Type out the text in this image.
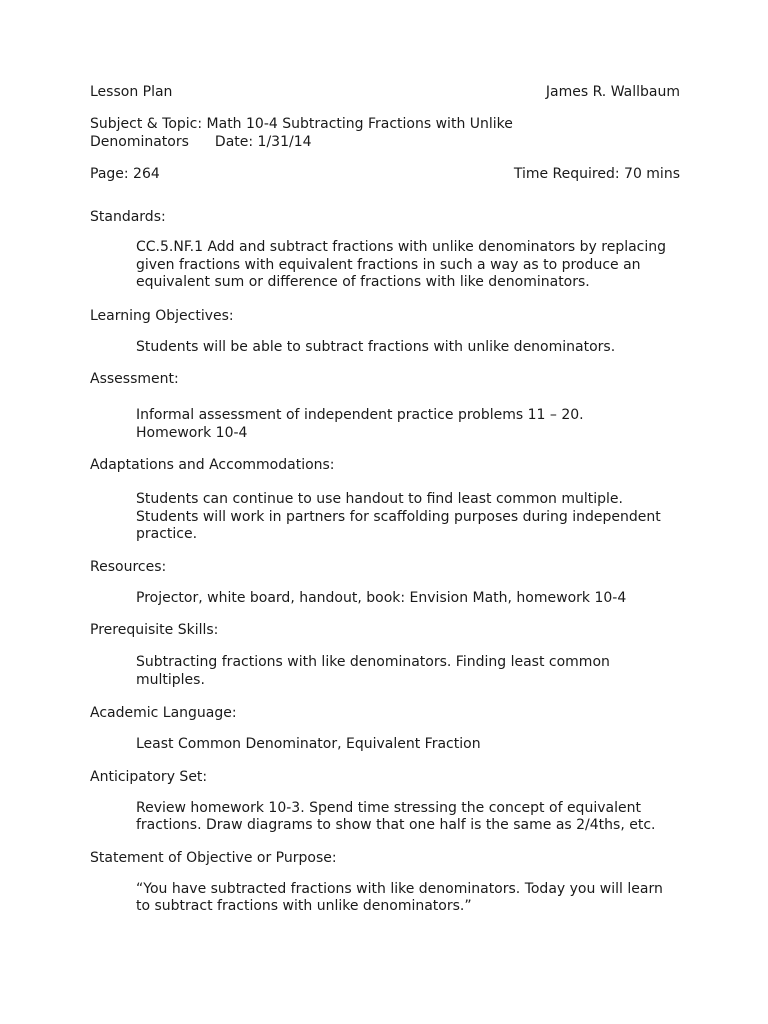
Lesson Plan	James R. Wallbaum
Subject & Topic: Math 10-4 Subtracting Fractions with Unlike Denominators Date: 1/31/14
Page: 264	Time Required: 70 mins
Standards:

CC.5.NF.1 Add and subtract fractions with unlike denominators by replacing given fractions with equivalent fractions in such a way as to produce an equivalent sum or difference of fractions with like denominators.

Learning Objectives:

Students will be able to subtract fractions with unlike denominators.

Assessment:

Informal assessment of independent practice problems 11 – 20.

Homework 10-4

Adaptations and Accommodations:

Students can continue to use handout to find least common multiple.

Students will work in partners for scaffolding purposes during independent practice.

Resources:

Projector, white board, handout, book: Envision Math, homework 10-4

Prerequisite Skills:

Subtracting fractions with like denominators. Finding least common multiples.

Academic Language:

Least Common Denominator, Equivalent Fraction

Anticipatory Set:

Review homework 10-3. Spend time stressing the concept of equivalent fractions. Draw diagrams to show that one half is the same as 2/4ths, etc.

Statement of Objective or Purpose:

“You have subtracted fractions with like denominators. Today you will learn to subtract fractions with unlike denominators.”
